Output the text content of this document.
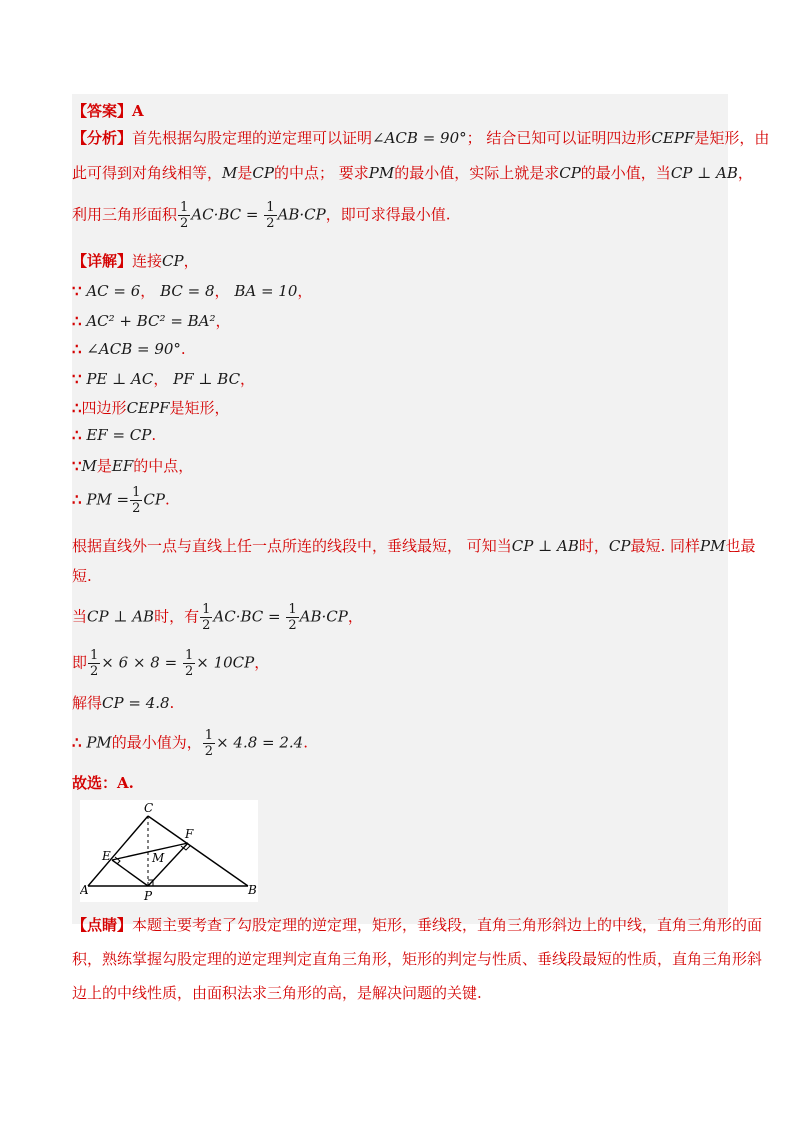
【答案】A
【分析】首先根据勾股定理的逆定理可以证明∠ACB = 90°； 结合已知可以证明四边形CEPF是矩形，由
此可得到对角线相等，M是CP的中点； 要求PM的最小值，实际上就是求CP的最小值，当CP ⊥ AB，
利用三角形面积 $\frac{1}{2} AC\cdot BC = \frac{1}{2} AB\cdot CP$，即可求得最小值.
【详解】连接CP，
∵ AC = 6， BC = 8， BA = 10，
∴ AC² + BC² = BA²，
∴ ∠ACB = 90°.
∵ PE ⊥ AC， PF ⊥ BC，
∴四边形CEPF是矩形，
∴ EF = CP.
∵M是EF的中点，
∴ PM = $\frac{1}{2}$ CP.
根据直线外一点与直线上任一点所连的线段中，垂线最短， 可知当CP ⊥ AB时，CP最短. 同样PM也最
短.
当CP ⊥ AB时，有 $\frac{1}{2} AC\cdot BC = \frac{1}{2} AB\cdot CP$，
即 $\frac{1}{2} \times 6 \times 8 = \frac{1}{2} \times 10CP$，
解得CP = 4.8.
∴ PM的最小值为， $\frac{1}{2} \times 4.8 = 2.4$.
故选：A.
C
F
E	M
A	P	B
【点睛】本题主要考查了勾股定理的逆定理，矩形，垂线段，直角三角形斜边上的中线，直角三角形的面
积，熟练掌握勾股定理的逆定理判定直角三角形，矩形的判定与性质、垂线段最短的性质，直角三角形斜
边上的中线性质，由面积法求三角形的高，是解决问题的关键.
